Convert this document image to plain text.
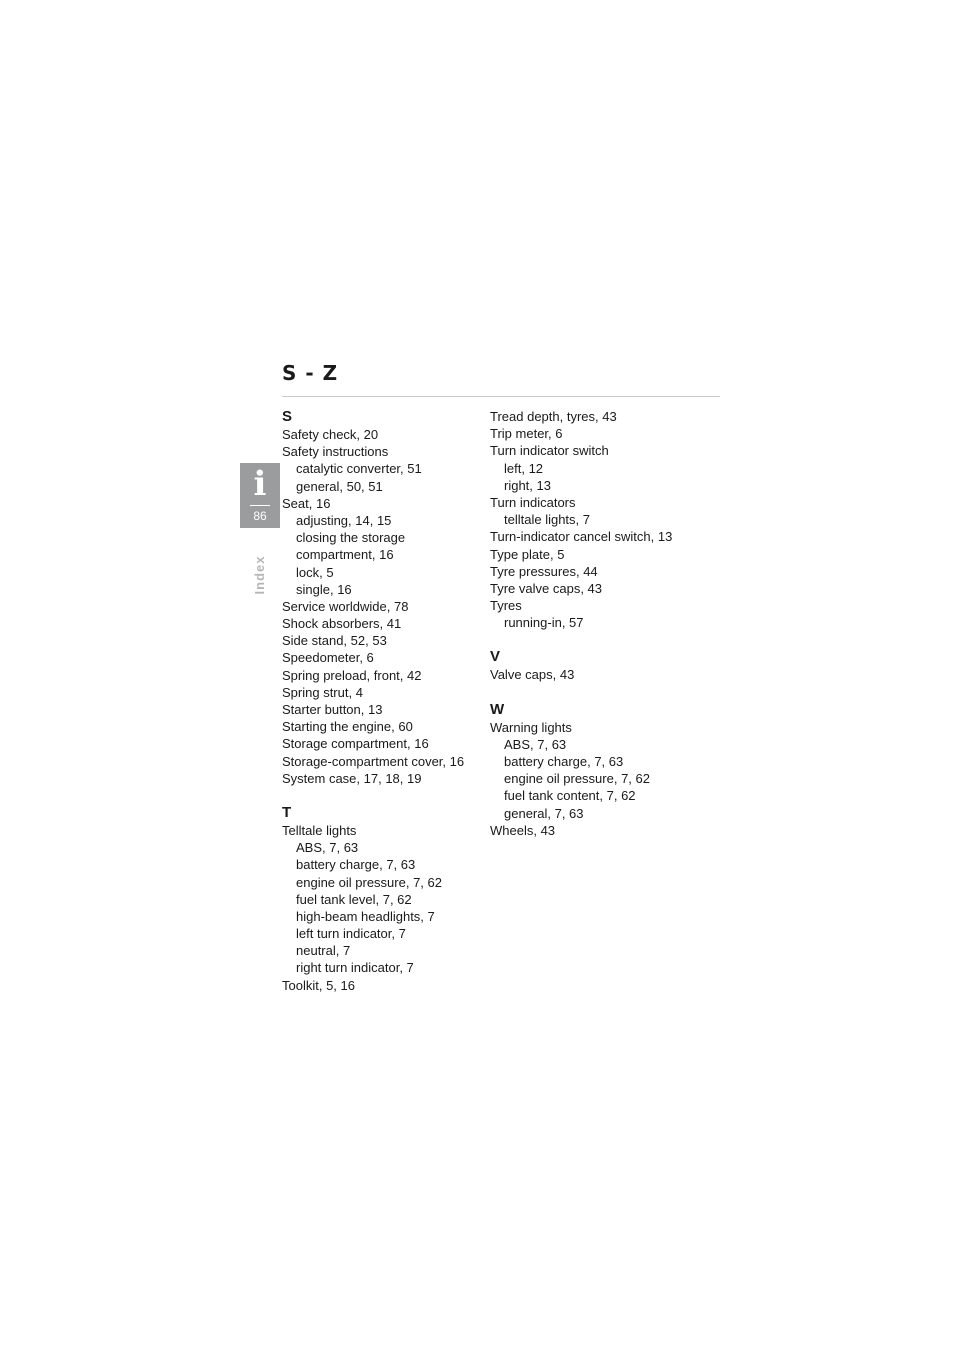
S - Z
i
86
Index
S
Safety check, 20
Safety instructions
catalytic converter, 51
general, 50, 51
Seat, 16
adjusting, 14, 15
closing the storage
compartment, 16
lock, 5
single, 16
Service worldwide, 78
Shock absorbers, 41
Side stand, 52, 53
Speedometer, 6
Spring preload, front, 42
Spring strut, 4
Starter button, 13
Starting the engine, 60
Storage compartment, 16
Storage-compartment cover, 16
System case, 17, 18, 19
T
Telltale lights
ABS, 7, 63
battery charge, 7, 63
engine oil pressure, 7, 62
fuel tank level, 7, 62
high-beam headlights, 7
left turn indicator, 7
neutral, 7
right turn indicator, 7
Toolkit, 5, 16
Tread depth, tyres, 43
Trip meter, 6
Turn indicator switch
left, 12
right, 13
Turn indicators
telltale lights, 7
Turn-indicator cancel switch, 13
Type plate, 5
Tyre pressures, 44
Tyre valve caps, 43
Tyres
running-in, 57
V
Valve caps, 43
W
Warning lights
ABS, 7, 63
battery charge, 7, 63
engine oil pressure, 7, 62
fuel tank content, 7, 62
general, 7, 63
Wheels, 43
